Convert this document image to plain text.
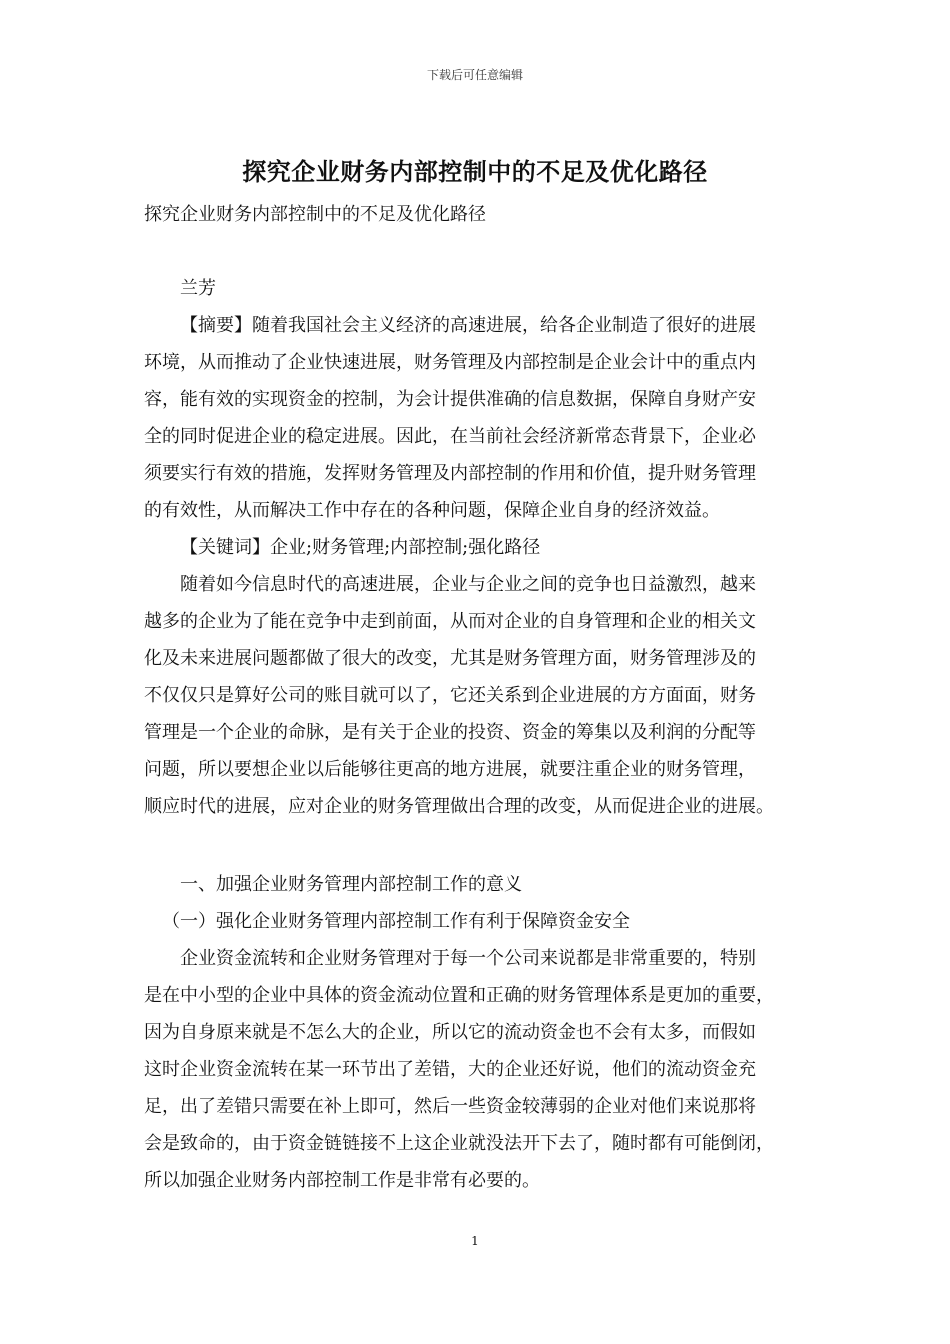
下载后可任意编辑
探究企业财务内部控制中的不足及优化路径
探究企业财务内部控制中的不足及优化路径
兰芳
【摘要】随着我国社会主义经济的高速进展，给各企业制造了很好的进展
环境，从而推动了企业快速进展，财务管理及内部控制是企业会计中的重点内
容，能有效的实现资金的控制，为会计提供准确的信息数据，保障自身财产安
全的同时促进企业的稳定进展。因此，在当前社会经济新常态背景下，企业必
须要实行有效的措施，发挥财务管理及内部控制的作用和价值，提升财务管理
的有效性，从而解决工作中存在的各种问题，保障企业自身的经济效益。
【关键词】企业;财务管理;内部控制;强化路径
随着如今信息时代的高速进展，企业与企业之间的竞争也日益激烈，越来
越多的企业为了能在竞争中走到前面，从而对企业的自身管理和企业的相关文
化及未来进展问题都做了很大的改变，尤其是财务管理方面，财务管理涉及的
不仅仅只是算好公司的账目就可以了，它还关系到企业进展的方方面面，财务
管理是一个企业的命脉，是有关于企业的投资、资金的筹集以及利润的分配等
问题，所以要想企业以后能够往更高的地方进展，就要注重企业的财务管理，
顺应时代的进展，应对企业的财务管理做出合理的改变，从而促进企业的进展。
一、加强企业财务管理内部控制工作的意义
（一）强化企业财务管理内部控制工作有利于保障资金安全
企业资金流转和企业财务管理对于每一个公司来说都是非常重要的，特别
是在中小型的企业中具体的资金流动位置和正确的财务管理体系是更加的重要，
因为自身原来就是不怎么大的企业，所以它的流动资金也不会有太多，而假如
这时企业资金流转在某一环节出了差错，大的企业还好说，他们的流动资金充
足，出了差错只需要在补上即可，然后一些资金较薄弱的企业对他们来说那将
会是致命的，由于资金链链接不上这企业就没法开下去了，随时都有可能倒闭，
所以加强企业财务内部控制工作是非常有必要的。
1
